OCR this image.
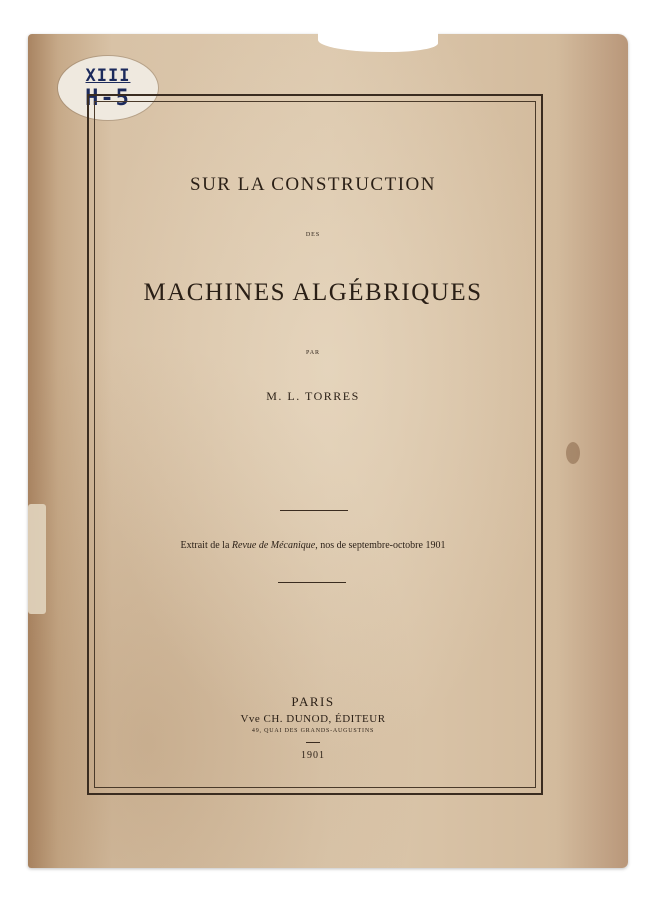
XIII
H-5
SUR LA CONSTRUCTION
DES
MACHINES ALGÉBRIQUES
PAR
M. L. TORRES
Extrait de la Revue de Mécanique, nos de septembre-octobre 1901
PARIS
Vve CH. DUNOD, ÉDITEUR
49, QUAI DES GRANDS-AUGUSTINS
1901
